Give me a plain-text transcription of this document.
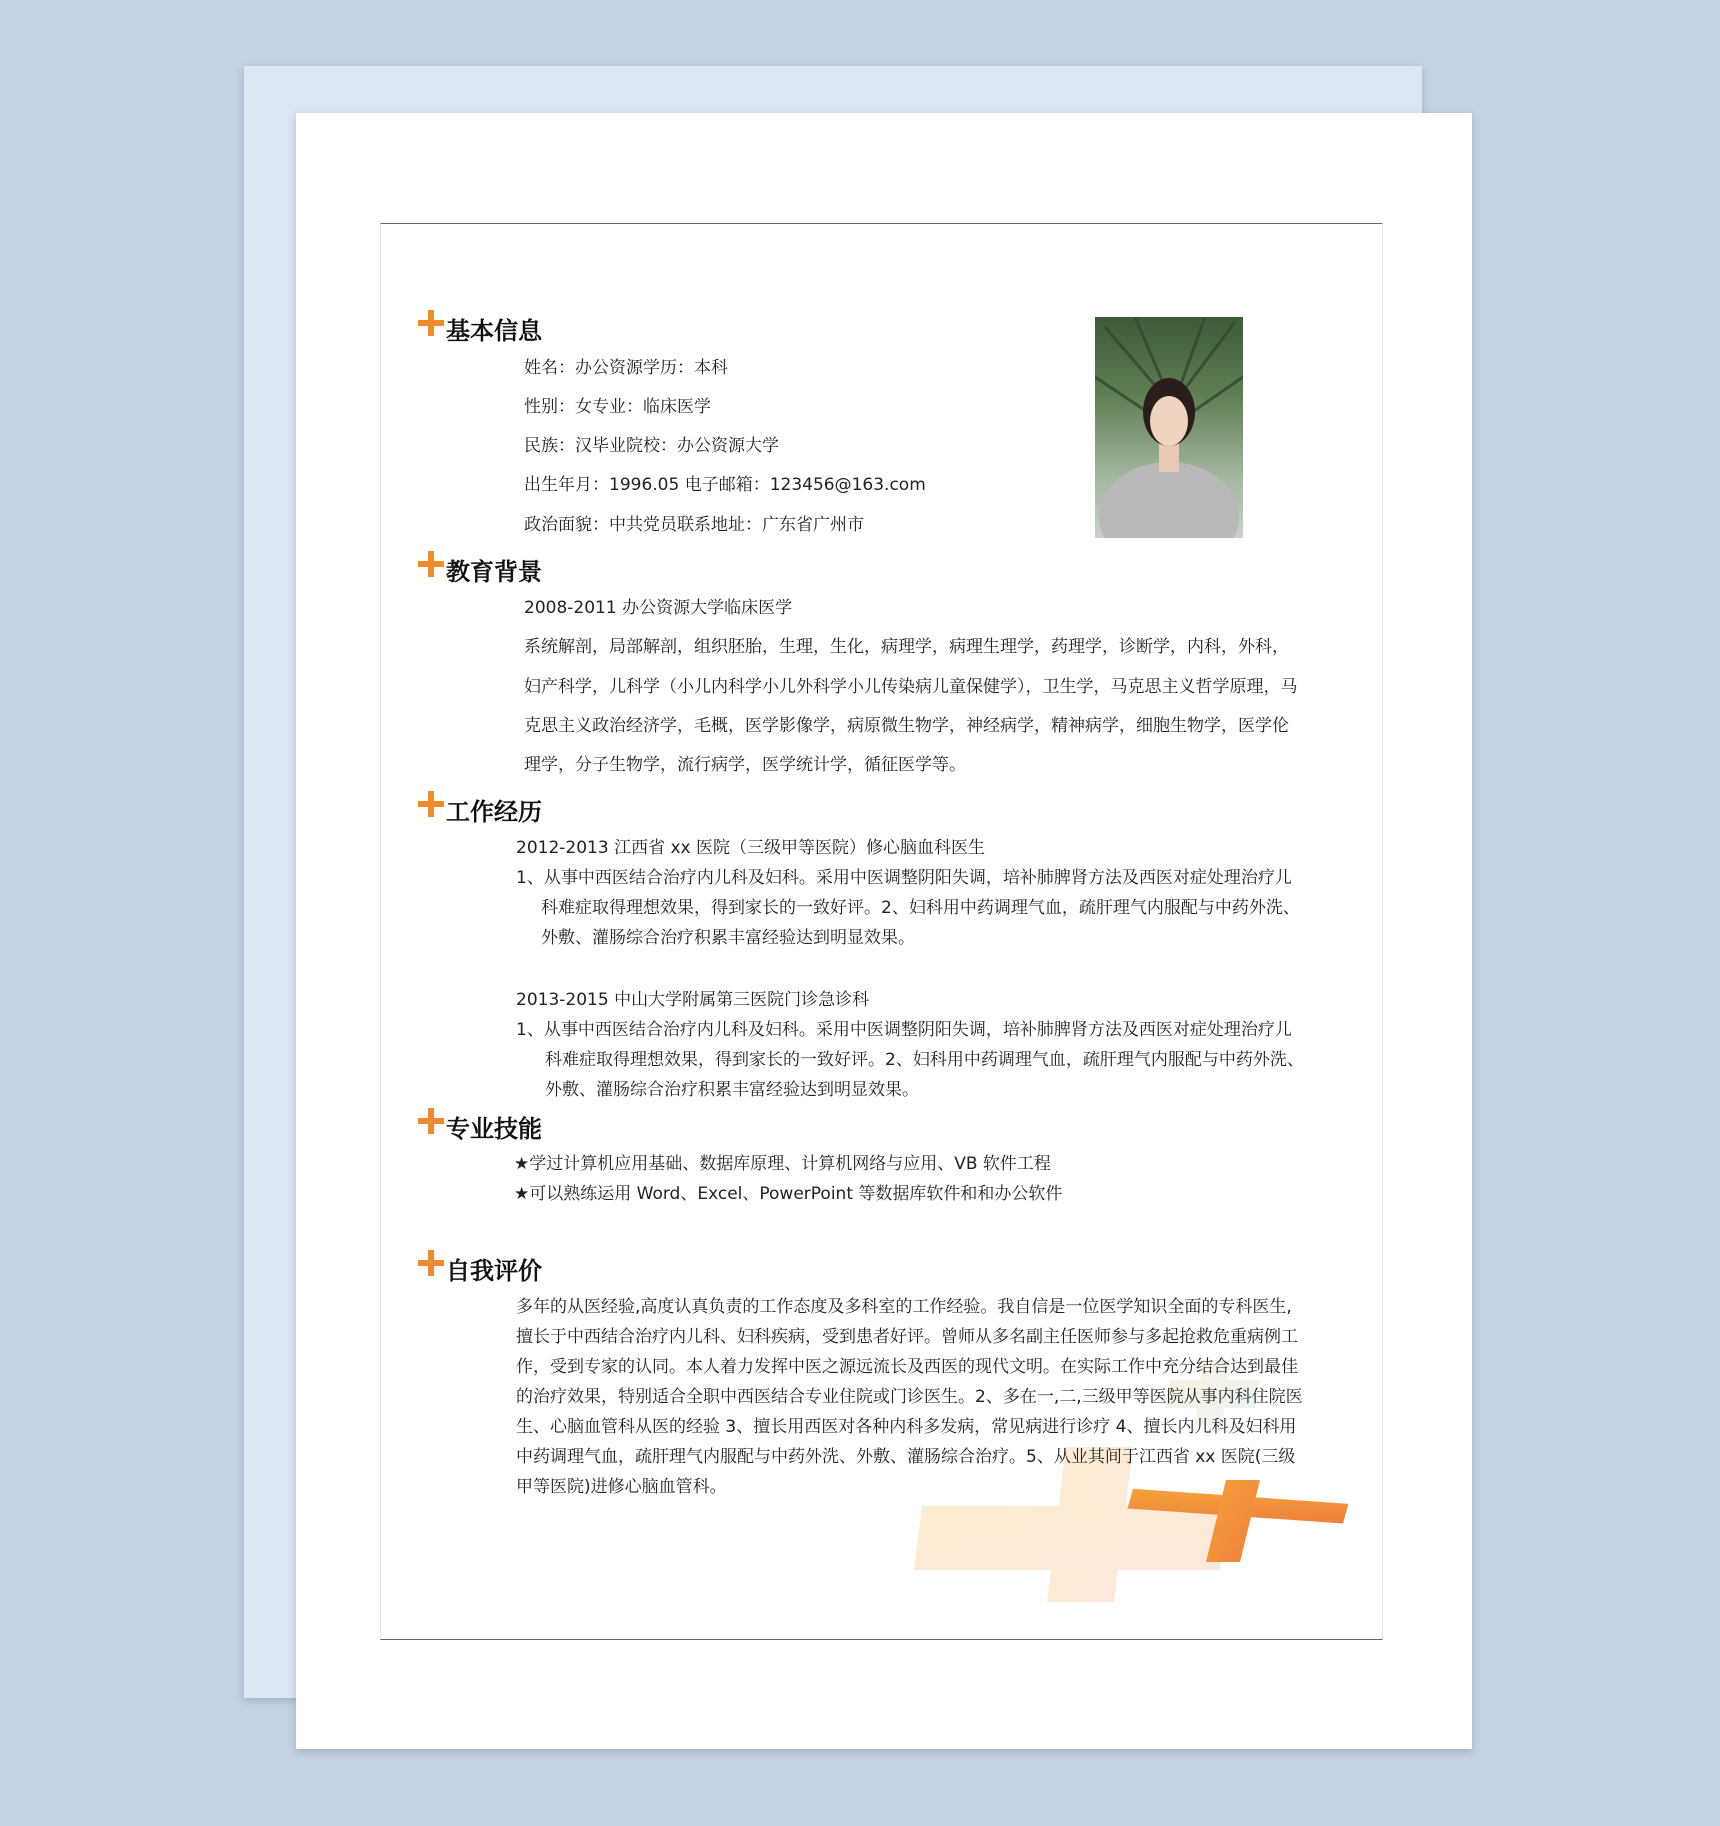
基本信息
姓名：办公资源学历：本科
性别：女专业：临床医学
民族：汉毕业院校：办公资源大学
出生年月：1996.05 电子邮箱：123456@163.com
政治面貌：中共党员联系地址：广东省广州市
教育背景
2008-2011 办公资源大学临床医学
系统解剖，局部解剖，组织胚胎，生理，生化，病理学，病理生理学，药理学，诊断学，内科，外科，
妇产科学，儿科学（小儿内科学小儿外科学小儿传染病儿童保健学），卫生学，马克思主义哲学原理，马
克思主义政治经济学，毛概，医学影像学，病原微生物学，神经病学，精神病学，细胞生物学，医学伦
理学，分子生物学，流行病学，医学统计学，循征医学等。
工作经历
2012-2013 江西省 xx 医院（三级甲等医院）修心脑血科医生
1、从事中西医结合治疗内儿科及妇科。采用中医调整阴阳失调，培补肺脾肾方法及西医对症处理治疗儿
科难症取得理想效果，得到家长的一致好评。2、妇科用中药调理气血，疏肝理气内服配与中药外洗、
外敷、灌肠综合治疗积累丰富经验达到明显效果。
2013-2015 中山大学附属第三医院门诊急诊科
1、从事中西医结合治疗内儿科及妇科。采用中医调整阴阳失调，培补肺脾肾方法及西医对症处理治疗儿
科难症取得理想效果，得到家长的一致好评。2、妇科用中药调理气血，疏肝理气内服配与中药外洗、
外敷、灌肠综合治疗积累丰富经验达到明显效果。
专业技能
★学过计算机应用基础、数据库原理、计算机网络与应用、VB 软件工程
★可以熟练运用 Word、Excel、PowerPoint 等数据库软件和和办公软件
自我评价
多年的从医经验,高度认真负责的工作态度及多科室的工作经验。我自信是一位医学知识全面的专科医生,
擅长于中西结合治疗内儿科、妇科疾病，受到患者好评。曾师从多名副主任医师参与多起抢救危重病例工
作，受到专家的认同。本人着力发挥中医之源远流长及西医的现代文明。在实际工作中充分结合达到最佳
的治疗效果，特别适合全职中西医结合专业住院或门诊医生。2、多在一,二,三级甲等医院从事内科住院医
生、心脑血管科从医的经验 3、擅长用西医对各种内科多发病，常见病进行诊疗 4、擅长内儿科及妇科用
中药调理气血，疏肝理气内服配与中药外洗、外敷、灌肠综合治疗。5、从业其间于江西省 xx 医院(三级
甲等医院)进修心脑血管科。
